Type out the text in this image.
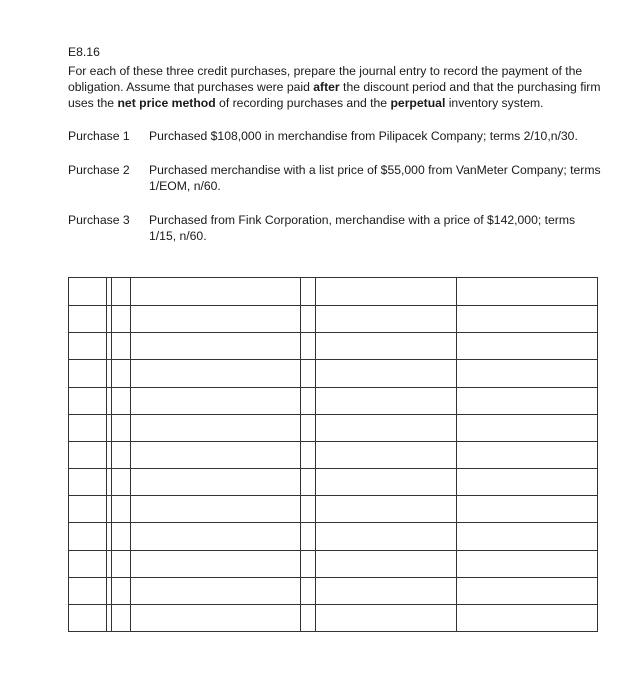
E8.16

For each of these three credit purchases, prepare the journal entry to record the payment of the obligation. Assume that purchases were paid after the discount period and that the purchasing firm uses the net price method of recording purchases and the perpetual inventory system.

Purchase 1	Purchased $108,000 in merchandise from Pilipacek Company; terms 2/10,n/30.
Purchase 2	Purchased merchandise with a list price of $55,000 from VanMeter Company; terms 1/EOM, n/60.
Purchase 3	Purchased from Fink Corporation, merchandise with a price of $142,000; terms 1/15, n/60.
